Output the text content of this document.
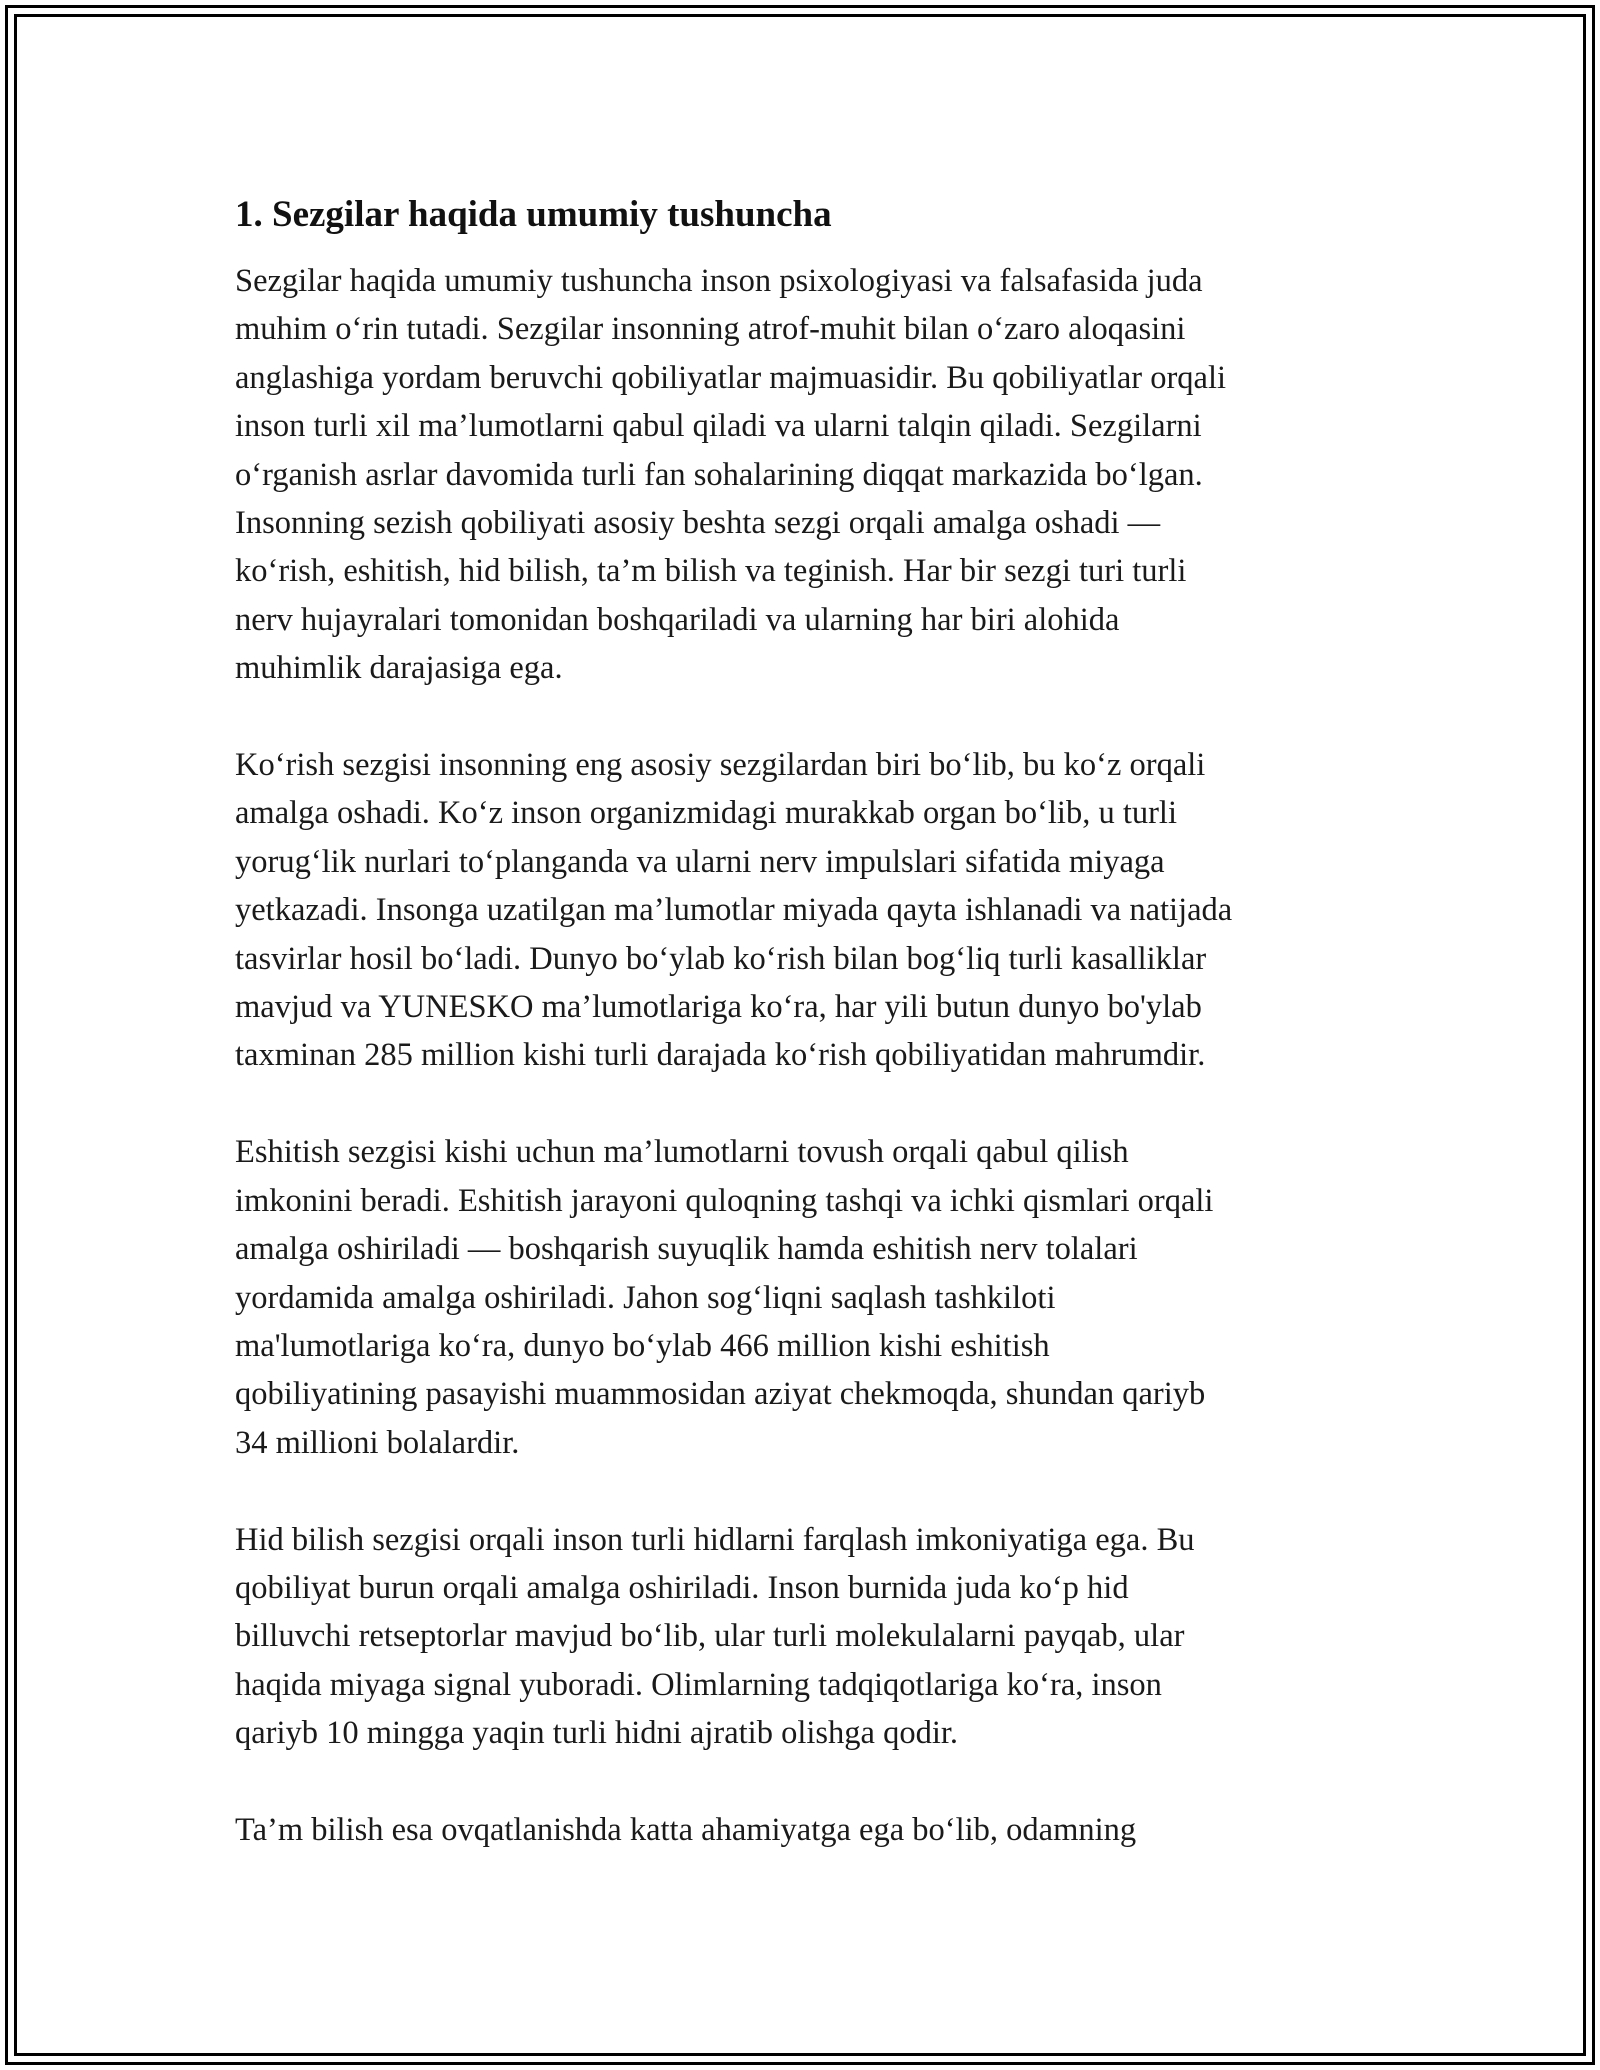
1. Sezgilar haqida umumiy tushuncha

Sezgilar haqida umumiy tushuncha inson psixologiyasi va falsafasida juda
muhim o‘rin tutadi. Sezgilar insonning atrof-muhit bilan o‘zaro aloqasini
anglashiga yordam beruvchi qobiliyatlar majmuasidir. Bu qobiliyatlar orqali
inson turli xil ma’lumotlarni qabul qiladi va ularni talqin qiladi. Sezgilarni
o‘rganish asrlar davomida turli fan sohalarining diqqat markazida bo‘lgan.
Insonning sezish qobiliyati asosiy beshta sezgi orqali amalga oshadi —
ko‘rish, eshitish, hid bilish, ta’m bilish va teginish. Har bir sezgi turi turli
nerv hujayralari tomonidan boshqariladi va ularning har biri alohida
muhimlik darajasiga ega.

Ko‘rish sezgisi insonning eng asosiy sezgilardan biri bo‘lib, bu ko‘z orqali
amalga oshadi. Ko‘z inson organizmidagi murakkab organ bo‘lib, u turli
yorug‘lik nurlari to‘planganda va ularni nerv impulslari sifatida miyaga
yetkazadi. Insonga uzatilgan ma’lumotlar miyada qayta ishlanadi va natijada
tasvirlar hosil bo‘ladi. Dunyo bo‘ylab ko‘rish bilan bog‘liq turli kasalliklar
mavjud va YUNESKO ma’lumotlariga ko‘ra, har yili butun dunyo bo'ylab
taxminan 285 million kishi turli darajada ko‘rish qobiliyatidan mahrumdir.

Eshitish sezgisi kishi uchun ma’lumotlarni tovush orqali qabul qilish
imkonini beradi. Eshitish jarayoni quloqning tashqi va ichki qismlari orqali
amalga oshiriladi — boshqarish suyuqlik hamda eshitish nerv tolalari
yordamida amalga oshiriladi. Jahon sog‘liqni saqlash tashkiloti
ma'lumotlariga ko‘ra, dunyo bo‘ylab 466 million kishi eshitish
qobiliyatining pasayishi muammosidan aziyat chekmoqda, shundan qariyb
34 millioni bolalardir.

Hid bilish sezgisi orqali inson turli hidlarni farqlash imkoniyatiga ega. Bu
qobiliyat burun orqali amalga oshiriladi. Inson burnida juda ko‘p hid
billuvchi retseptorlar mavjud bo‘lib, ular turli molekulalarni payqab, ular
haqida miyaga signal yuboradi. Olimlarning tadqiqotlariga ko‘ra, inson
qariyb 10 mingga yaqin turli hidni ajratib olishga qodir.

Ta’m bilish esa ovqatlanishda katta ahamiyatga ega bo‘lib, odamning
